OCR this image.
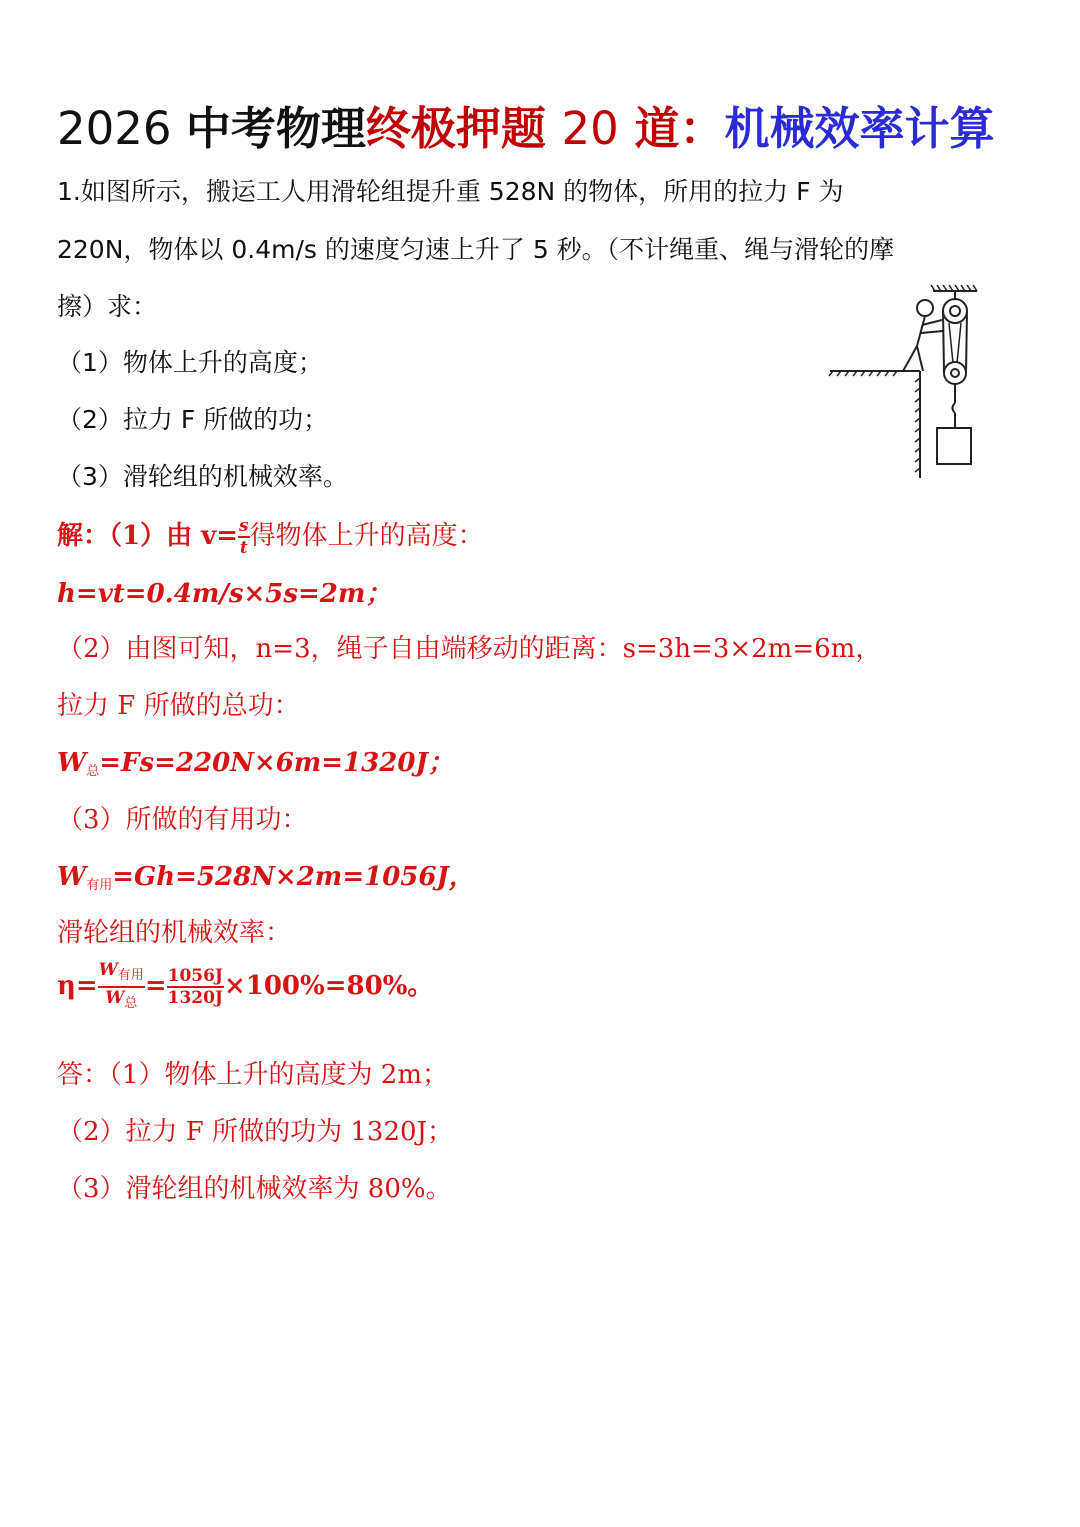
2026 中考物理终极押题 20 道：机械效率计算
1.如图所示，搬运工人用滑轮组提升重 528N 的物体，所用的拉力 F 为
220N，物体以 0.4m/s 的速度匀速上升了 5 秒。（不计绳重、绳与滑轮的摩
擦）求：
（1）物体上升的高度；
（2）拉力 F 所做的功；
（3）滑轮组的机械效率。
解：（1）由 $v= \frac{s}{t}$ 得物体上升的高度：
h=vt=0.4m/s×5s=2m；
（2）由图可知，n=3，绳子自由端移动的距离：s=3h=3×2m=6m，
拉力 F 所做的总功：
$W_总=Fs=220N\times 6m=1320J$；
（3）所做的有用功：
$W_{有用}=Gh=528N\times 2m=1056J$，
滑轮组的机械效率：
$\eta= \frac{W_{有用}}{W_总} = \frac{1056J}{1320J} \times 100\%=80\%$。
答：（1）物体上升的高度为 2m；
（2）拉力 F 所做的功为 1320J；
（3）滑轮组的机械效率为 80%。
